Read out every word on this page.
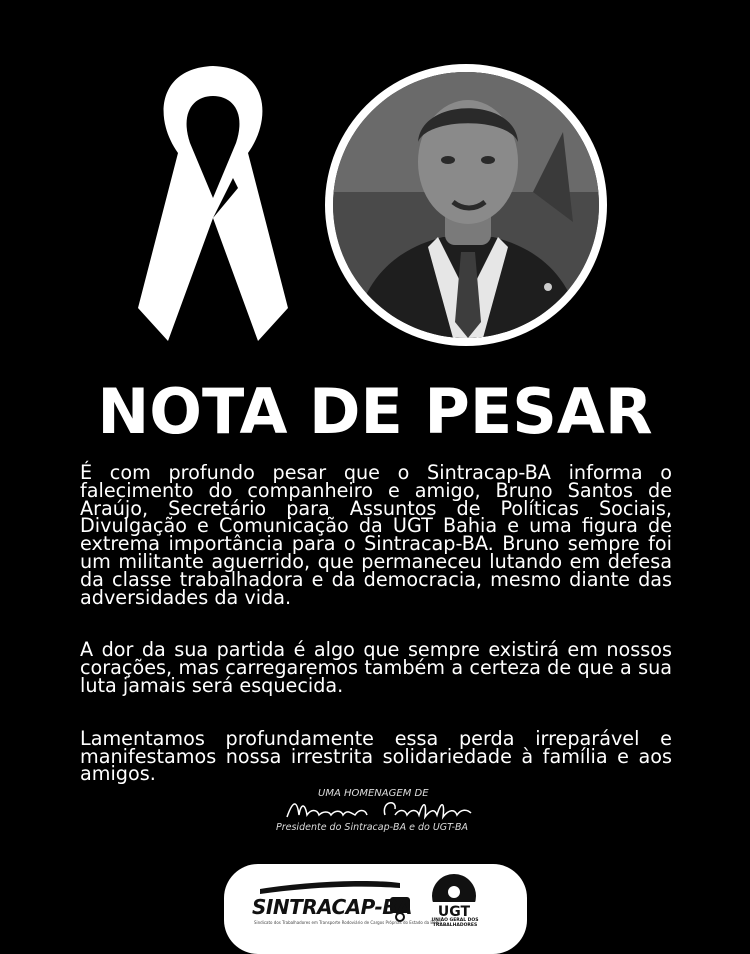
NOTA DE PESAR

É com profundo pesar que o Sintracap-BA informa o falecimento do companheiro e amigo, Bruno Santos de Araújo, Secretário para Assuntos de Políticas Sociais, Divulgação e Comunicação da UGT Bahia e uma figura de extrema importância para o Sintracap-BA. Bruno sempre foi um militante aguerrido, que permaneceu lutando em defesa da classe trabalhadora e da democracia, mesmo diante das adversidades da vida.

A dor da sua partida é algo que sempre existirá em nossos corações, mas carregaremos também a certeza de que a sua luta jamais será esquecida.

Lamentamos profundamente essa perda irreparável e manifestamos nossa irrestrita solidariedade à família e aos amigos.

UMA HOMENAGEM DE
Presidente do Sintracap-BA e do UGT-BA
SINTRACAP-BA
Sindicato dos Trabalhadores em Transporte Rodoviário de Cargos Próprias do Estado da Bahia
UGT
UNIÃO GERAL DOS TRABALHADORES
